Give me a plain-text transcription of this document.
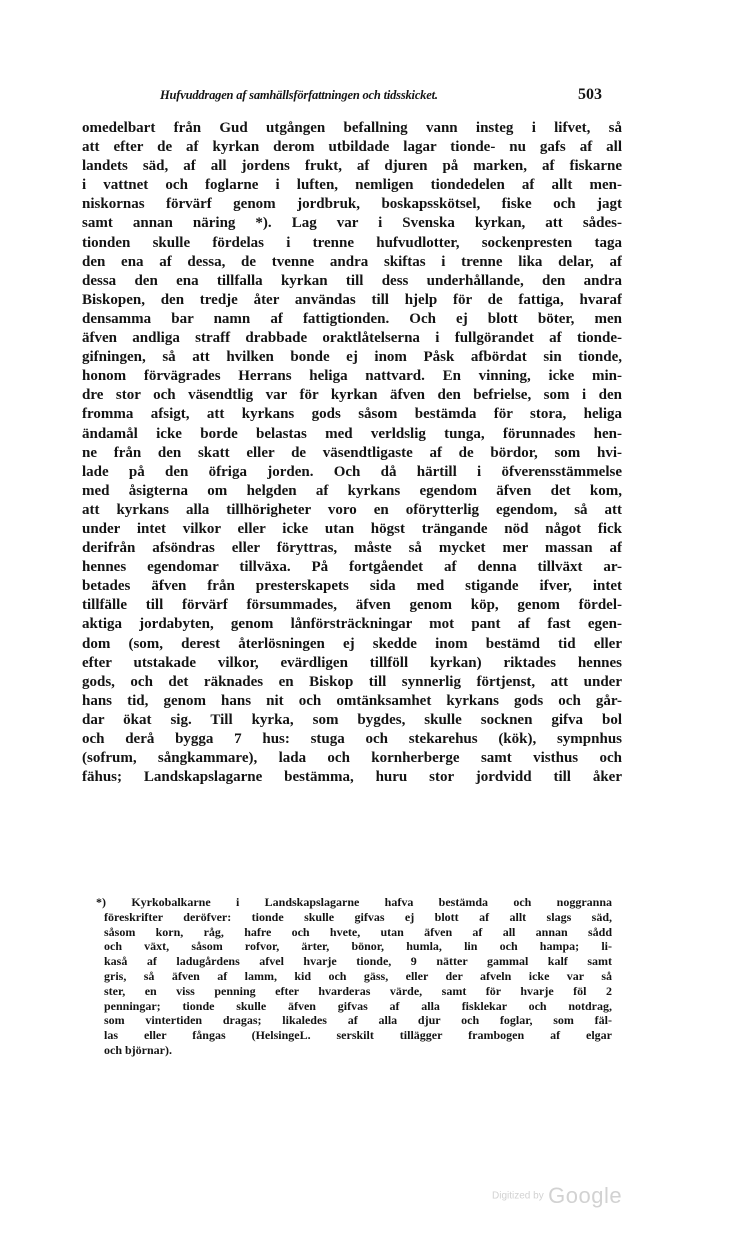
Hufvuddragen af samhällsförfattningen och tidsskicket.	503
omedelbart från Gud utgången befallning vann insteg i lifvet, så
att efter de af kyrkan derom utbildade lagar tionde- nu gafs af all
landets säd, af all jordens frukt, af djuren på marken, af fiskarne
i vattnet och foglarne i luften, nemligen tiondedelen af allt men-
niskornas förvärf genom jordbruk, boskapsskötsel, fiske och jagt
samt annan näring *). Lag var i Svenska kyrkan, att sådes-
tionden skulle fördelas i trenne hufvudlotter, sockenpresten taga
den ena af dessa, de tvenne andra skiftas i trenne lika delar, af
dessa den ena tillfalla kyrkan till dess underhållande, den andra
Biskopen, den tredje åter användas till hjelp för de fattiga, hvaraf
densamma bar namn af fattigtionden. Och ej blott böter, men
äfven andliga straff drabbade oraktlåtelserna i fullgörandet af tionde-
gifningen, så att hvilken bonde ej inom Påsk afbördat sin tionde,
honom förvägrades Herrans heliga nattvard. En vinning, icke min-
dre stor och väsendtlig var för kyrkan äfven den befrielse, som i den
fromma afsigt, att kyrkans gods såsom bestämda för stora, heliga
ändamål icke borde belastas med verldslig tunga, förunnades hen-
ne från den skatt eller de väsendtligaste af de bördor, som hvi-
lade på den öfriga jorden. Och då härtill i öfverensstämmelse
med åsigterna om helgden af kyrkans egendom äfven det kom,
att kyrkans alla tillhörigheter voro en oförytterlig egendom, så att
under intet vilkor eller icke utan högst trängande nöd något fick
derifrån afsöndras eller föryttras, måste så mycket mer massan af
hennes egendomar tillväxa. På fortgåendet af denna tillväxt ar-
betades äfven från presterskapets sida med stigande ifver, intet
tillfälle till förvärf försummades, äfven genom köp, genom fördel-
aktiga jordabyten, genom lånförsträckningar mot pant af fast egen-
dom (som, derest återlösningen ej skedde inom bestämd tid eller
efter utstakade vilkor, evärdligen tillföll kyrkan) riktades hennes
gods, och det räknades en Biskop till synnerlig förtjenst, att under
hans tid, genom hans nit och omtänksamhet kyrkans gods och går-
dar ökat sig. Till kyrka, som bygdes, skulle socknen gifva bol
och derå bygga 7 hus: stuga och stekarehus (kök), sympnhus
(sofrum, sångkammare), lada och kornherberge samt visthus och
fähus; Landskapslagarne bestämma, huru stor jordvidd till åker
*) Kyrkobalkarne i Landskapslagarne hafva bestämda och noggranna
föreskrifter deröfver: tionde skulle gifvas ej blott af allt slags säd,
såsom korn, råg, hafre och hvete, utan äfven af all annan sådd
och växt, såsom rofvor, ärter, bönor, humla, lin och hampa; li-
kaså af ladugårdens afvel hvarje tionde, 9 nätter gammal kalf samt
gris, så äfven af lamm, kid och gäss, eller der afveln icke var så
ster, en viss penning efter hvarderas värde, samt för hvarje föl 2
penningar; tionde skulle äfven gifvas af alla fisklekar och notdrag,
som vintertiden dragas; likaledes af alla djur och foglar, som fäl-
las eller fångas (HelsingeL. serskilt tillägger frambogen af elgar
och björnar).
Digitized by Google
